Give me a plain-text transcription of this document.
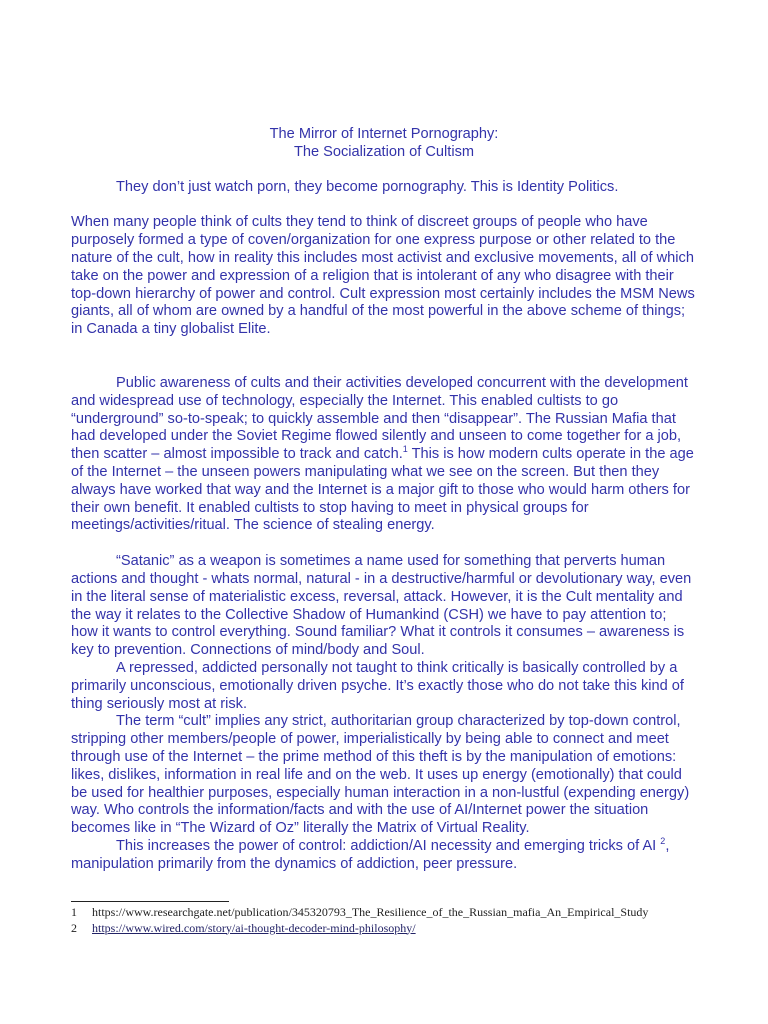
The Mirror of Internet Pornography:
The Socialization of Cultism

They don’t just watch porn, they become pornography. This is Identity Politics.

When many people think of cults they tend to think of discreet groups of people who have purposely formed a type of coven/organization for one express purpose or other related to the nature of the cult, how in reality this includes most activist and exclusive movements, all of which take on the power and expression of a religion that is intolerant of any who disagree with their top-down hierarchy of power and control. Cult expression most certainly includes the MSM News giants, all of whom are owned by a handful of the most powerful in the above scheme of things; in Canada a tiny globalist Elite.

Public awareness of cults and their activities developed concurrent with the development and widespread use of technology, especially the Internet. This enabled cultists to go “underground” so-to-speak; to quickly assemble and then “disappear”. The Russian Mafia that had developed under the Soviet Regime flowed silently and unseen to come together for a job, then scatter – almost impossible to track and catch.$^1$ This is how modern cults operate in the age of the Internet – the unseen powers manipulating what we see on the screen. But then they always have worked that way and the Internet is a major gift to those who would harm others for their own benefit. It enabled cultists to stop having to meet in physical groups for meetings/activities/ritual. The science of stealing energy.

“Satanic” as a weapon is sometimes a name used for something that perverts human actions and thought - whats normal, natural - in a destructive/harmful or devolutionary way, even in the literal sense of materialistic excess, reversal, attack. However, it is the Cult mentality and the way it relates to the Collective Shadow of Humankind (CSH) we have to pay attention to; how it wants to control everything. Sound familiar? What it controls it consumes – awareness is key to prevention. Connections of mind/body and Soul.

A repressed, addicted personally not taught to think critically is basically controlled by a primarily unconscious, emotionally driven psyche. It’s exactly those who do not take this kind of thing seriously most at risk.

The term “cult” implies any strict, authoritarian group characterized by top-down control, stripping other members/people of power, imperialistically by being able to connect and meet through use of the Internet – the prime method of this theft is by the manipulation of emotions: likes, dislikes, information in real life and on the web. It uses up energy (emotionally) that could be used for healthier purposes, especially human interaction in a non-lustful (expending energy) way. Who controls the information/facts and with the use of AI/Internet power the situation becomes like in “The Wizard of Oz” literally the Matrix of Virtual Reality.

This increases the power of control: addiction/AI necessity and emerging tricks of AI $^2$, manipulation primarily from the dynamics of addiction, peer pressure.

1	https://www.researchgate.net/publication/345320793_The_Resilience_of_the_Russian_mafia_An_Empirical_Study
2	https://www.wired.com/story/ai-thought-decoder-mind-philosophy/
